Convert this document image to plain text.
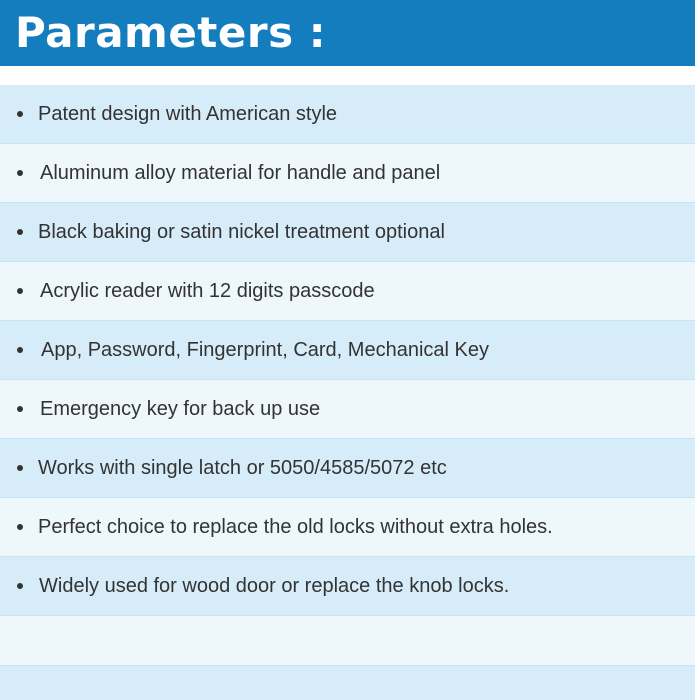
Parameters :
Patent design with American style
Aluminum alloy material for handle and panel
Black baking or satin nickel treatment optional
Acrylic reader with 12 digits passcode
App, Password, Fingerprint, Card, Mechanical Key
Emergency key for back up use
Works with single latch or 5050/4585/5072 etc
Perfect choice to replace the old locks without extra holes.
Widely used for wood door or replace the knob locks.
